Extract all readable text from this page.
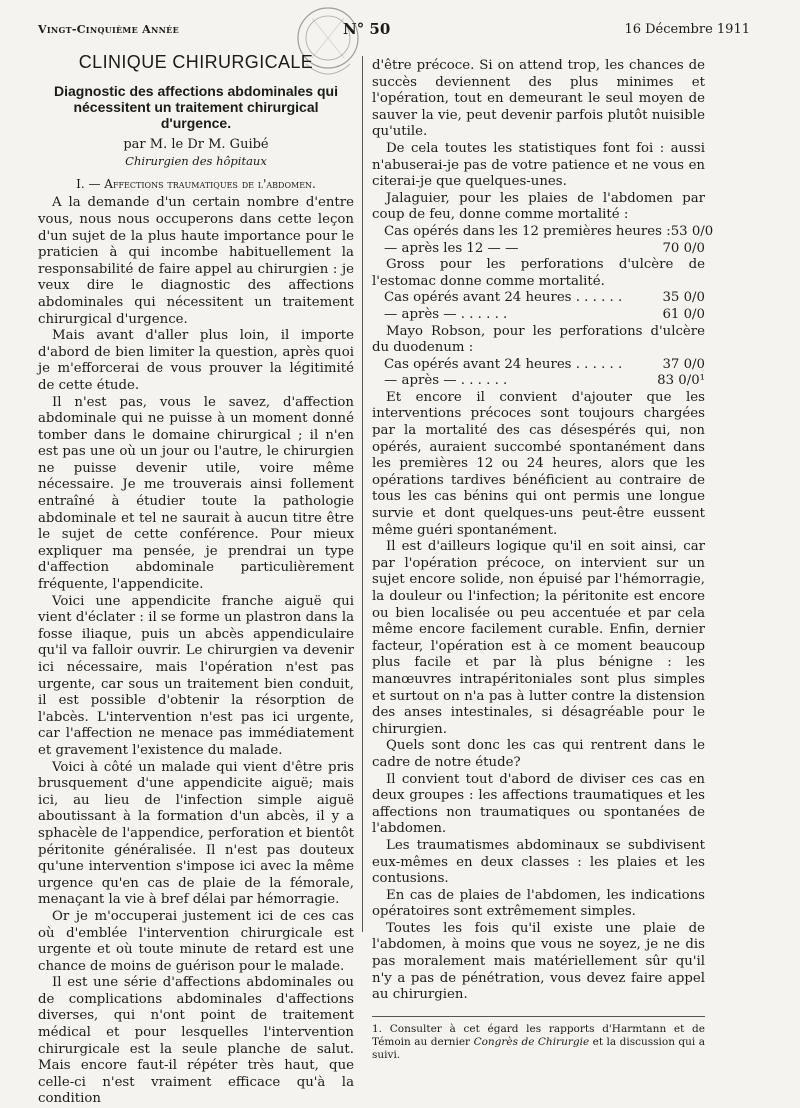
Vingt-Cinquième Année	N° 50	16 Décembre 1911
CLINIQUE CHIRURGICALE
Diagnostic des affections abdominales qui nécessitent un traitement chirurgical d'urgence.
par M. le Dr M. Guibé
Chirurgien des hôpitaux
I. — Affections traumatiques de l'abdomen.

A la demande d'un certain nombre d'entre vous, nous nous occuperons dans cette leçon d'un sujet de la plus haute importance pour le praticien à qui incombe habituellement la responsabilité de faire appel au chirurgien : je veux dire le diagnostic des affections abdominales qui nécessitent un traitement chirurgical d'urgence.

Mais avant d'aller plus loin, il importe d'abord de bien limiter la question, après quoi je m'efforcerai de vous prouver la légitimité de cette étude.

Il n'est pas, vous le savez, d'affection abdominale qui ne puisse à un moment donné tomber dans le domaine chirurgical ; il n'en est pas une où un jour ou l'autre, le chirurgien ne puisse devenir utile, voire même nécessaire. Je me trouverais ainsi follement entraîné à étudier toute la pathologie abdominale et tel ne saurait à aucun titre être le sujet de cette conférence. Pour mieux expliquer ma pensée, je prendrai un type d'affection abdominale particulièrement fréquente, l'appendicite.

Voici une appendicite franche aiguë qui vient d'éclater : il se forme un plastron dans la fosse iliaque, puis un abcès appendiculaire qu'il va falloir ouvrir. Le chirurgien va devenir ici nécessaire, mais l'opération n'est pas urgente, car sous un traitement bien conduit, il est possible d'obtenir la résorption de l'abcès. L'intervention n'est pas ici urgente, car l'affection ne menace pas immédiatement et gravement l'existence du malade.

Voici à côté un malade qui vient d'être pris brusquement d'une appendicite aiguë; mais ici, au lieu de l'infection simple aiguë aboutissant à la formation d'un abcès, il y a sphacèle de l'appendice, perforation et bientôt péritonite généralisée. Il n'est pas douteux qu'une intervention s'impose ici avec la même urgence qu'en cas de plaie de la fémorale, menaçant la vie à bref délai par hémorragie.

Or je m'occuperai justement ici de ces cas où d'emblée l'intervention chirurgicale est urgente et où toute minute de retard est une chance de moins de guérison pour le malade.

Il est une série d'affections abdominales ou de complications abdominales d'affections diverses, qui n'ont point de traitement médical et pour lesquelles l'intervention chirurgicale est la seule planche de salut. Mais encore faut-il répéter très haut, que celle-ci n'est vraiment efficace qu'à la condition

d'être précoce. Si on attend trop, les chances de succès deviennent des plus minimes et l'opération, tout en demeurant le seul moyen de sauver la vie, peut devenir parfois plutôt nuisible qu'utile.

De cela toutes les statistiques font foi : aussi n'abuserai-je pas de votre patience et ne vous en citerai-je que quelques-unes.

Jalaguier, pour les plaies de l'abdomen par coup de feu, donne comme mortalité :

Cas opérés dans les 12 premières heures : 53 0/0
— après les 12 — —	70 0/0

Gross pour les perforations d'ulcère de l'estomac donne comme mortalité.

Cas opérés avant 24 heures . . . . . .	35 0/0
— après — . . . . . .	61 0/0

Mayo Robson, pour les perforations d'ulcère du duodenum :

Cas opérés avant 24 heures . . . . . .	37 0/0
— après — . . . . . .	83 0/0¹

Et encore il convient d'ajouter que les interventions précoces sont toujours chargées par la mortalité des cas désespérés qui, non opérés, auraient succombé spontanément dans les premières 12 ou 24 heures, alors que les opérations tardives bénéficient au contraire de tous les cas bénins qui ont permis une longue survie et dont quelques-uns peut-être eussent même guéri spontanément.

Il est d'ailleurs logique qu'il en soit ainsi, car par l'opération précoce, on intervient sur un sujet encore solide, non épuisé par l'hémorragie, la douleur ou l'infection; la péritonite est encore ou bien localisée ou peu accentuée et par cela même encore facilement curable. Enfin, dernier facteur, l'opération est à ce moment beaucoup plus facile et par là plus bénigne : les manœuvres intrapéritoniales sont plus simples et surtout on n'a pas à lutter contre la distension des anses intestinales, si désagréable pour le chirurgien.

Quels sont donc les cas qui rentrent dans le cadre de notre étude?

Il convient tout d'abord de diviser ces cas en deux groupes : les affections traumatiques et les affections non traumatiques ou spontanées de l'abdomen.

Les traumatismes abdominaux se subdivisent eux-mêmes en deux classes : les plaies et les contusions.

En cas de plaies de l'abdomen, les indications opératoires sont extrêmement simples.

Toutes les fois qu'il existe une plaie de l'abdomen, à moins que vous ne soyez, je ne dis pas moralement mais matériellement sûr qu'il n'y a pas de pénétration, vous devez faire appel au chirurgien.

1. Consulter à cet égard les rapports d'Harmtann et de Témoin au dernier Congrès de Chirurgie et la discussion qui a suivi.
